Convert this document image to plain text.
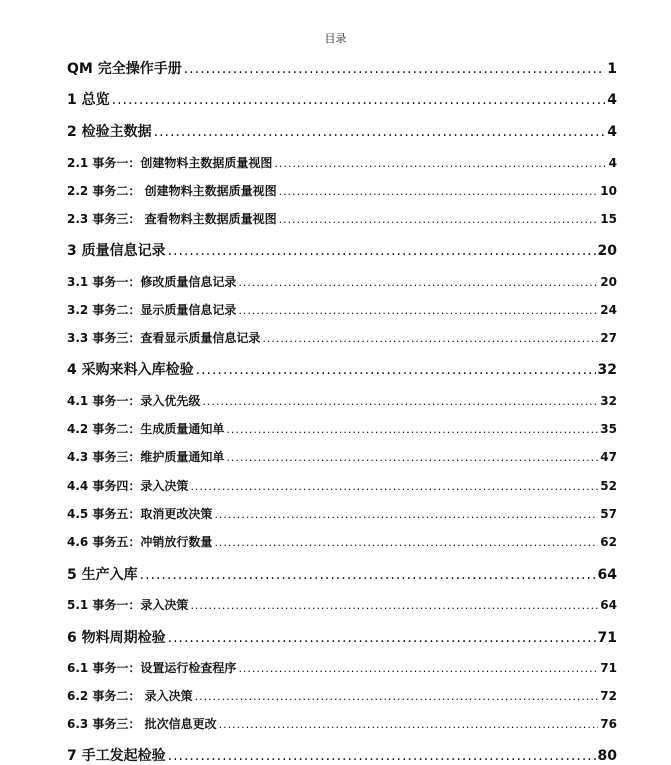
目录
QM 完全操作手册 .....	1
1 总览 .....	4
2 检验主数据 .....	4
2.1 事务一：创建物料主数据质量视图 .....	4
2.2 事务二： 创建物料主数据质量视图 .....	10
2.3 事务三： 查看物料主数据质量视图 .....	15
3 质量信息记录 .....	20
3.1 事务一：修改质量信息记录 .....	20
3.2 事务二：显示质量信息记录 .....	24
3.3 事务三：查看显示质量信息记录 .....	27
4 采购来料入库检验 .....	32
4.1 事务一：录入优先级 .....	32
4.2 事务二：生成质量通知单 .....	35
4.3 事务三：维护质量通知单 .....	47
4.4 事务四：录入决策 .....	52
4.5 事务五：取消更改决策 .....	57
4.6 事务五：冲销放行数量 .....	62
5 生产入库 .....	64
5.1 事务一：录入决策 .....	64
6 物料周期检验 .....	71
6.1 事务一：设置运行检查程序 .....	71
6.2 事务二： 录入决策 .....	72
6.3 事务三： 批次信息更改 .....	76
7 手工发起检验 .....	80
